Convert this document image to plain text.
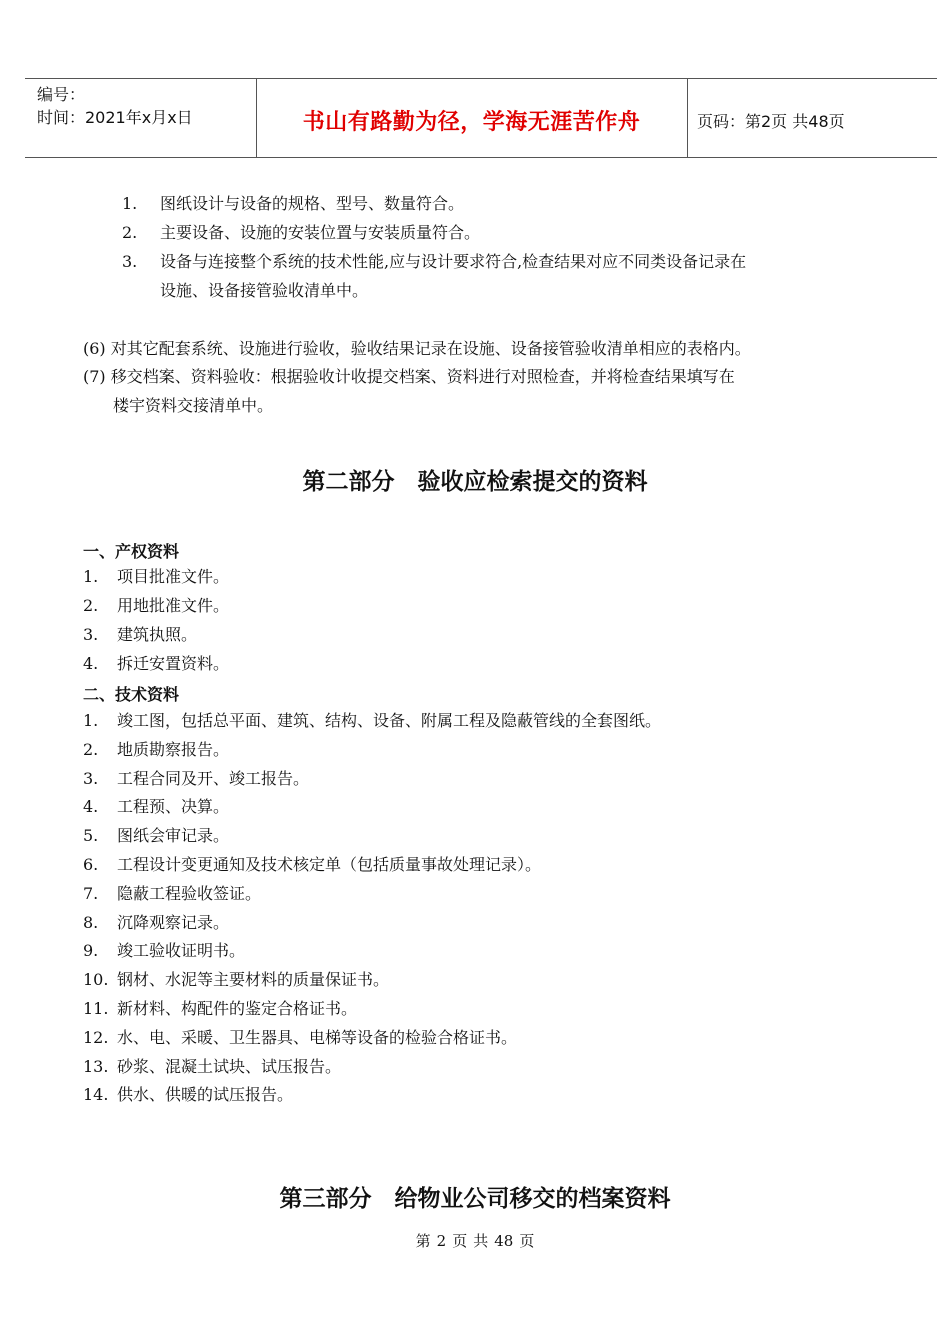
编号：
时间：2021年x月x日	书山有路勤为径，学海无涯苦作舟	页码：第2页 共48页
1. 图纸设计与设备的规格、型号、数量符合。
2. 主要设备、设施的安装位置与安装质量符合。
3. 设备与连接整个系统的技术性能,应与设计要求符合,检查结果对应不同类设备记录在
设施、设备接管验收清单中。
(6) 对其它配套系统、设施进行验收，验收结果记录在设施、设备接管验收清单相应的表格内。
(7) 移交档案、资料验收：根据验收计收提交档案、资料进行对照检查，并将检查结果填写在
楼宇资料交接清单中。
第二部分　验收应检索提交的资料
一、产权资料
1. 项目批准文件。
2. 用地批准文件。
3. 建筑执照。
4. 拆迁安置资料。
二、技术资料
1. 竣工图，包括总平面、建筑、结构、设备、附属工程及隐蔽管线的全套图纸。
2. 地质勘察报告。
3. 工程合同及开、竣工报告。
4. 工程预、决算。
5. 图纸会审记录。
6. 工程设计变更通知及技术核定单（包括质量事故处理记录）。
7. 隐蔽工程验收签证。
8. 沉降观察记录。
9. 竣工验收证明书。
10. 钢材、水泥等主要材料的质量保证书。
11. 新材料、构配件的鉴定合格证书。
12. 水、电、采暖、卫生器具、电梯等设备的检验合格证书。
13. 砂浆、混凝土试块、试压报告。
14. 供水、供暖的试压报告。
第三部分　给物业公司移交的档案资料
第 2 页 共 48 页
